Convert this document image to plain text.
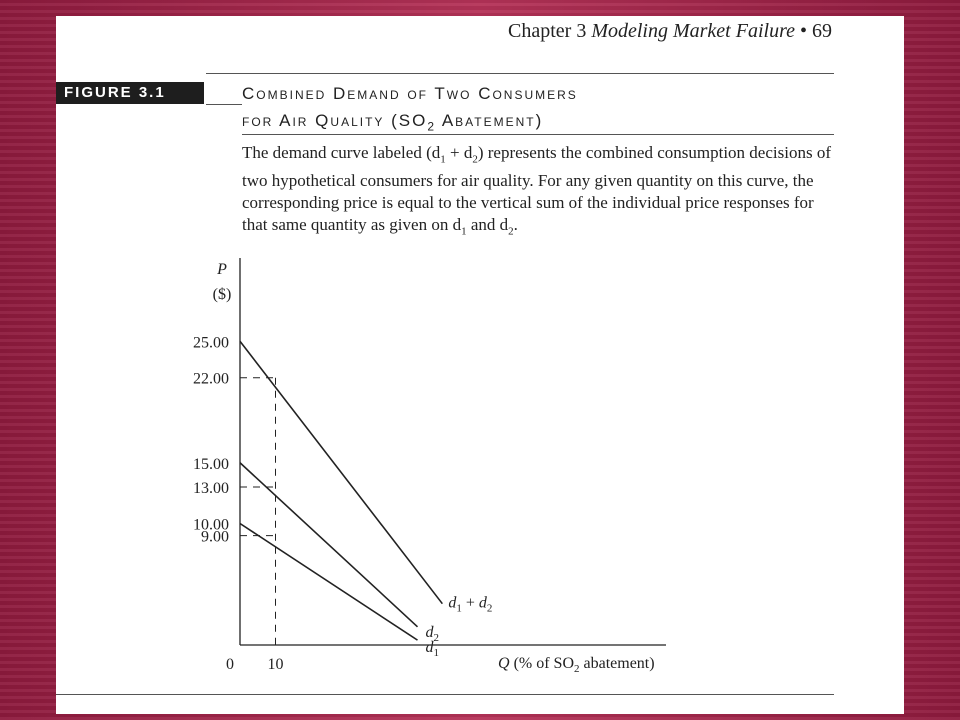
Chapter 3 Modeling Market Failure • 69
FIGURE 3.1	Combined Demand of Two Consumers
for Air Quality ($SO_2$ Abatement)
The demand curve labeled $(d_1 + d_2)$ represents the combined consumption decisions of two hypothetical consumers for air quality. For any given quantity on this curve, the corresponding price is equal to the vertical sum of the individual price responses for that same quantity as given on $d_1$ and $d_2$.
P
($)
25.00
22.00
15.00
13.00
10.00
9.00
0 10	Q (% of $SO_2$ abatement)
$d_1 + d_2$
$d_2$
$d_1$
